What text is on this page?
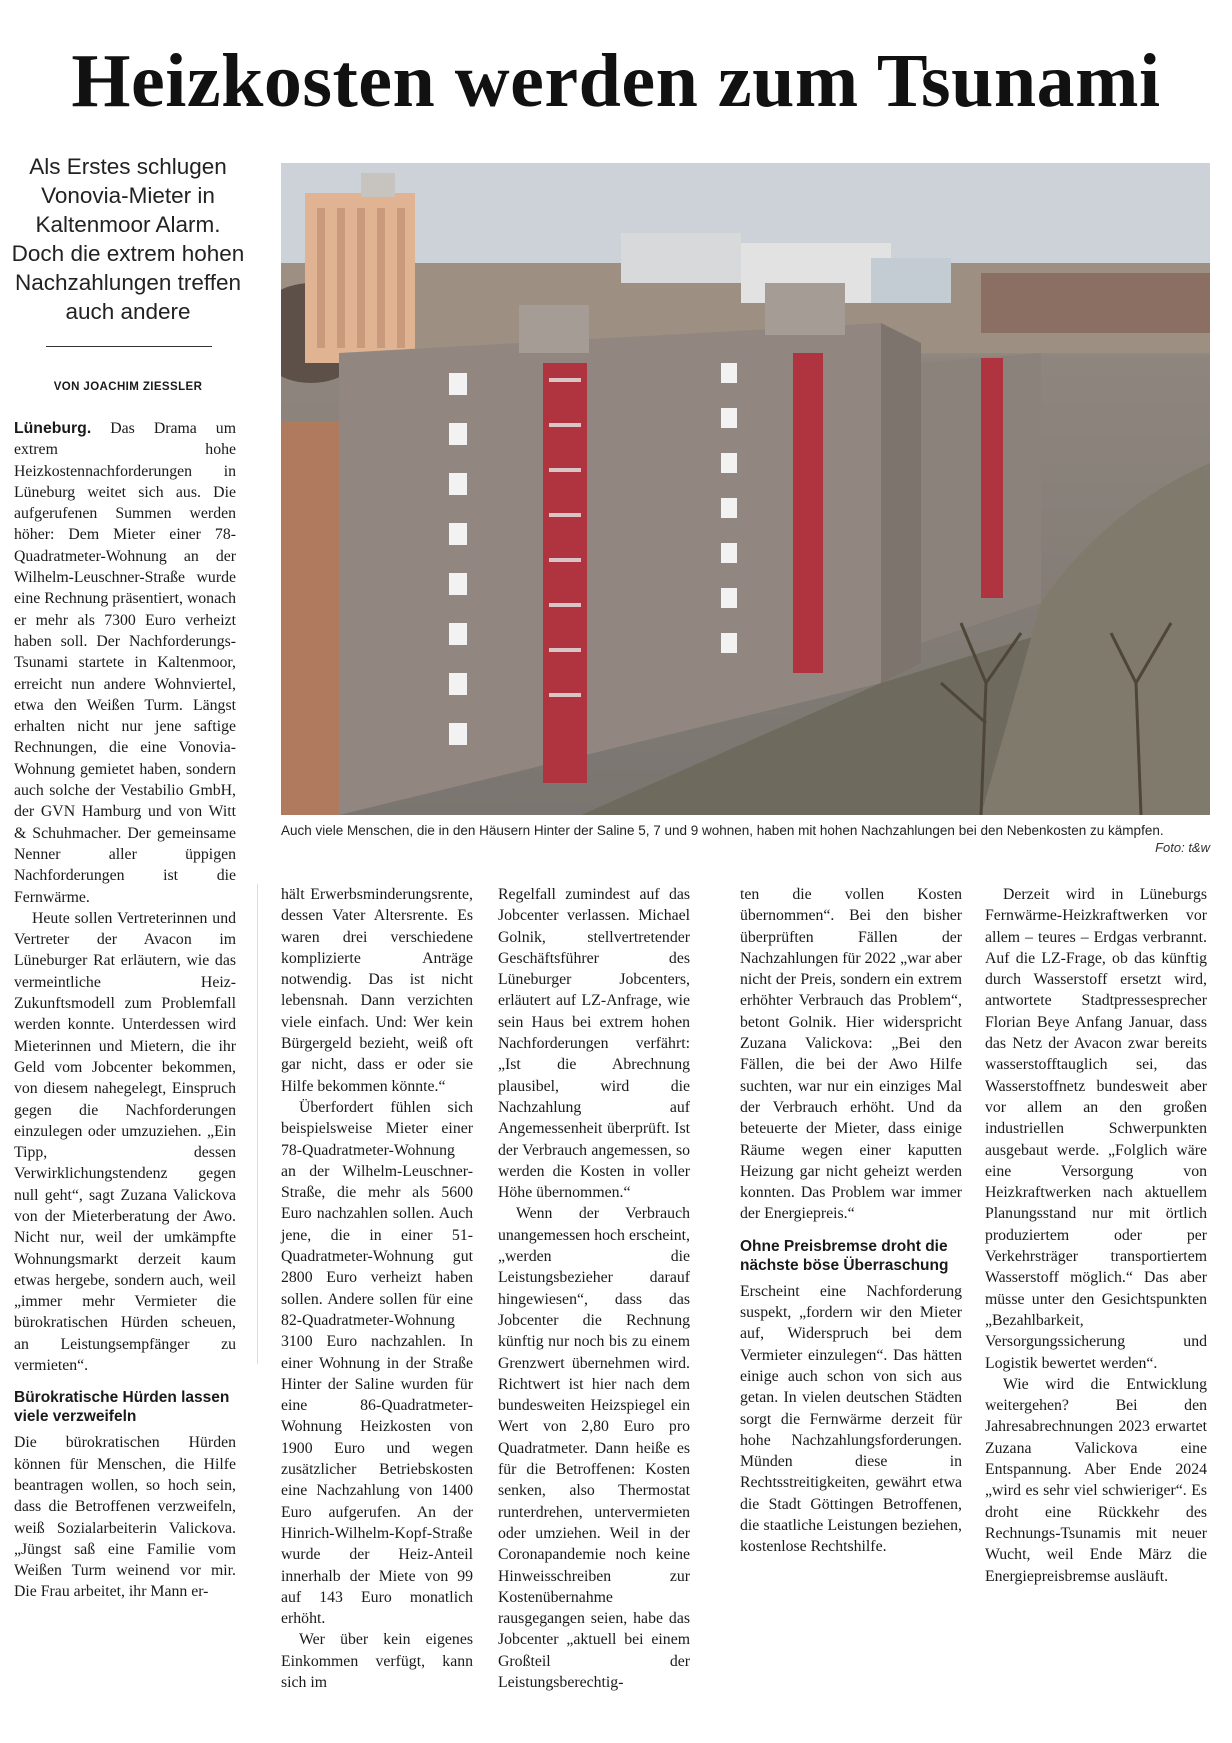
Heizkosten werden zum Tsunami
Als Erstes schlugen Vonovia-Mieter in Kaltenmoor Alarm. Doch die extrem hohen Nachzahlungen treffen auch andere
VON JOACHIM ZIESSLER
Auch viele Menschen, die in den Häusern Hinter der Saline 5, 7 und 9 wohnen, haben mit hohen Nachzahlungen bei den Nebenkosten zu kämpfen.
Foto: t&w

Lüneburg. Das Drama um extrem hohe Heizkostennachforderungen in Lüneburg weitet sich aus. Die aufgerufenen Summen werden höher: Dem Mieter einer 78-Quadratmeter-Wohnung an der Wilhelm-Leuschner-Straße wurde eine Rechnung präsentiert, wonach er mehr als 7300 Euro verheizt haben soll. Der Nachforderungs-Tsunami startete in Kaltenmoor, erreicht nun andere Wohnviertel, etwa den Weißen Turm. Längst erhalten nicht nur jene saftige Rechnungen, die eine Vonovia-Wohnung gemietet haben, sondern auch solche der Vestabilio GmbH, der GVN Hamburg und von Witt & Schuhmacher. Der gemeinsame Nenner aller üppigen Nachforderungen ist die Fernwärme.

Heute sollen Vertreterinnen und Vertreter der Avacon im Lüneburger Rat erläutern, wie das vermeintliche Heiz-Zukunftsmodell zum Problemfall werden konnte. Unterdessen wird Mieterinnen und Mietern, die ihr Geld vom Jobcenter bekommen, von diesem nahegelegt, Einspruch gegen die Nachforderungen einzulegen oder umzuziehen. „Ein Tipp, dessen Verwirklichungstendenz gegen null geht“, sagt Zuzana Valickova von der Mieterberatung der Awo. Nicht nur, weil der umkämpfte Wohnungsmarkt derzeit kaum etwas hergebe, sondern auch, weil „immer mehr Vermieter die bürokratischen Hürden scheuen, an Leistungsempfänger zu vermieten“.

Bürokratische Hürden lassen viele verzweifeln

Die bürokratischen Hürden können für Menschen, die Hilfe beantragen wollen, so hoch sein, dass die Betroffenen verzweifeln, weiß Sozialarbeiterin Valickova. „Jüngst saß eine Familie vom Weißen Turm weinend vor mir. Die Frau arbeitet, ihr Mann er-

hält Erwerbsminderungsrente, dessen Vater Altersrente. Es waren drei verschiedene komplizierte Anträge notwendig. Das ist nicht lebensnah. Dann verzichten viele einfach. Und: Wer kein Bürgergeld bezieht, weiß oft gar nicht, dass er oder sie Hilfe bekommen könnte.“

Überfordert fühlen sich beispielsweise Mieter einer 78-Quadratmeter-Wohnung an der Wilhelm-Leuschner-Straße, die mehr als 5600 Euro nachzahlen sollen. Auch jene, die in einer 51-Quadratmeter-Wohnung gut 2800 Euro verheizt haben sollen. Andere sollen für eine 82-Quadratmeter-Wohnung 3100 Euro nachzahlen. In einer Wohnung in der Straße Hinter der Saline wurden für eine 86-Quadratmeter-Wohnung Heizkosten von 1900 Euro und wegen zusätzlicher Betriebskosten eine Nachzahlung von 1400 Euro aufgerufen. An der Hinrich-Wilhelm-Kopf-Straße wurde der Heiz-Anteil innerhalb der Miete von 99 auf 143 Euro monatlich erhöht.

Wer über kein eigenes Einkommen verfügt, kann sich im

Regelfall zumindest auf das Jobcenter verlassen. Michael Golnik, stellvertretender Geschäftsführer des Lüneburger Jobcenters, erläutert auf LZ-Anfrage, wie sein Haus bei extrem hohen Nachforderungen verfährt: „Ist die Abrechnung plausibel, wird die Nachzahlung auf Angemessenheit überprüft. Ist der Verbrauch angemessen, so werden die Kosten in voller Höhe übernommen.“

Wenn der Verbrauch unangemessen hoch erscheint, „werden die Leistungsbezieher darauf hingewiesen“, dass das Jobcenter die Rechnung künftig nur noch bis zu einem Grenzwert übernehmen wird. Richtwert ist hier nach dem bundesweiten Heizspiegel ein Wert von 2,80 Euro pro Quadratmeter. Dann heiße es für die Betroffenen: Kosten senken, also Thermostat runterdrehen, untervermieten oder umziehen. Weil in der Coronapandemie noch keine Hinweisschreiben zur Kostenübernahme rausgegangen seien, habe das Jobcenter „aktuell bei einem Großteil der Leistungsberechtig-

ten die vollen Kosten übernommen“. Bei den bisher überprüften Fällen der Nachzahlungen für 2022 „war aber nicht der Preis, sondern ein extrem erhöhter Verbrauch das Problem“, betont Golnik. Hier widerspricht Zuzana Valickova: „Bei den Fällen, die bei der Awo Hilfe suchten, war nur ein einziges Mal der Verbrauch erhöht. Und da beteuerte der Mieter, dass einige Räume wegen einer kaputten Heizung gar nicht geheizt werden konnten. Das Problem war immer der Energiepreis.“

Ohne Preisbremse droht die nächste böse Überraschung

Erscheint eine Nachforderung suspekt, „fordern wir den Mieter auf, Widerspruch bei dem Vermieter einzulegen“. Das hätten einige auch schon von sich aus getan. In vielen deutschen Städten sorgt die Fernwärme derzeit für hohe Nachzahlungsforderungen. Münden diese in Rechtsstreitigkeiten, gewährt etwa die Stadt Göttingen Betroffenen, die staatliche Leistungen beziehen, kostenlose Rechtshilfe.

Derzeit wird in Lüneburgs Fernwärme-Heizkraftwerken vor allem – teures – Erdgas verbrannt. Auf die LZ-Frage, ob das künftig durch Wasserstoff ersetzt wird, antwortete Stadtpressesprecher Florian Beye Anfang Januar, dass das Netz der Avacon zwar bereits wasserstofftauglich sei, das Wasserstoffnetz bundesweit aber vor allem an den großen industriellen Schwerpunkten ausgebaut werde. „Folglich wäre eine Versorgung von Heizkraftwerken nach aktuellem Planungsstand nur mit örtlich produziertem oder per Verkehrsträger transportiertem Wasserstoff möglich.“ Das aber müsse unter den Gesichtspunkten „Bezahlbarkeit, Versorgungssicherung und Logistik bewertet werden“.

Wie wird die Entwicklung weitergehen? Bei den Jahresabrechnungen 2023 erwartet Zuzana Valickova eine Entspannung. Aber Ende 2024 „wird es sehr viel schwieriger“. Es droht eine Rückkehr des Rechnungs-Tsunamis mit neuer Wucht, weil Ende März die Energiepreisbremse ausläuft.
